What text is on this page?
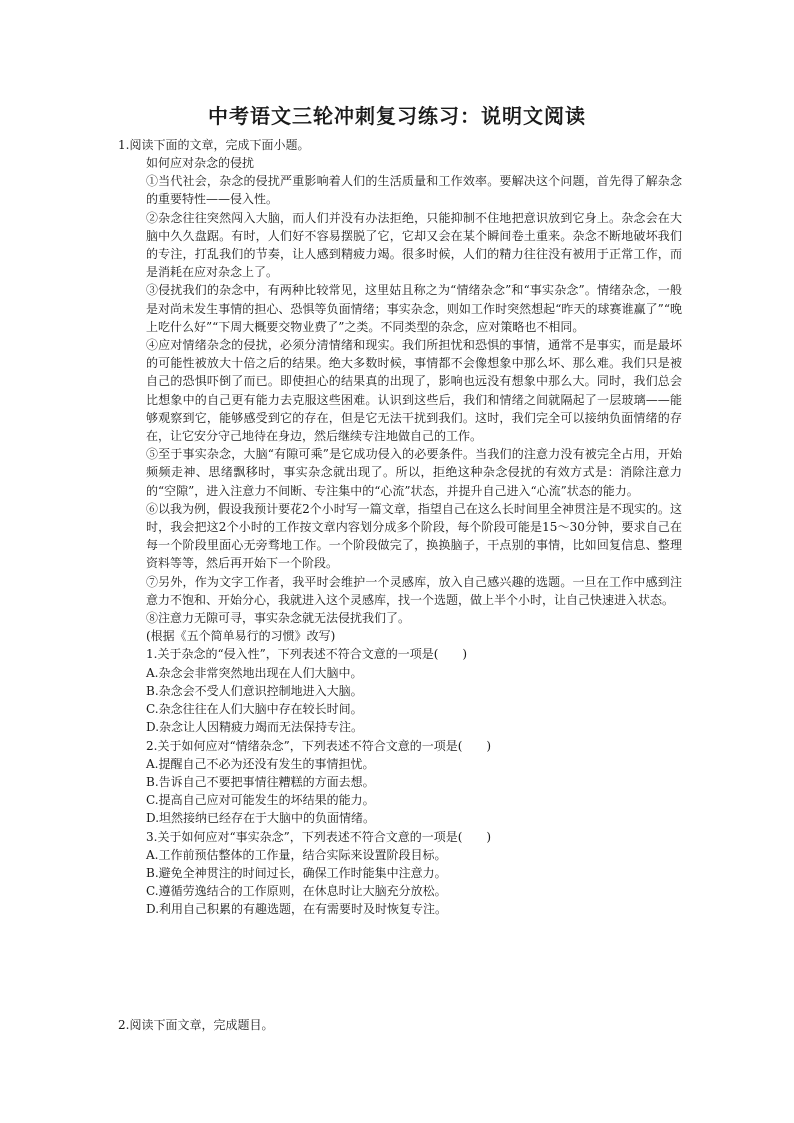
中考语文三轮冲刺复习练习：说明文阅读

1.阅读下面的文章，完成下面小题。

如何应对杂念的侵扰

①当代社会，杂念的侵扰严重影响着人们的生活质量和工作效率。要解决这个问题，首先得了解杂念的重要特性——侵入性。

②杂念往往突然闯入大脑，而人们并没有办法拒绝，只能抑制不住地把意识放到它身上。杂念会在大脑中久久盘踞。有时，人们好不容易摆脱了它，它却又会在某个瞬间卷土重来。杂念不断地破坏我们的专注，打乱我们的节奏，让人感到精疲力竭。很多时候，人们的精力往往没有被用于正常工作，而是消耗在应对杂念上了。

③侵扰我们的杂念中，有两种比较常见，这里姑且称之为“情绪杂念”和“事实杂念”。情绪杂念，一般是对尚未发生事情的担心、恐惧等负面情绪；事实杂念，则如工作时突然想起“昨天的球赛谁赢了”“晚上吃什么好”“下周大概要交物业费了”之类。不同类型的杂念，应对策略也不相同。

④应对情绪杂念的侵扰，必须分清情绪和现实。我们所担忧和恐惧的事情，通常不是事实，而是最坏的可能性被放大十倍之后的结果。绝大多数时候，事情都不会像想象中那么坏、那么难。我们只是被自己的恐惧吓倒了而已。即使担心的结果真的出现了，影响也远没有想象中那么大。同时，我们总会比想象中的自己更有能力去克服这些困难。认识到这些后，我们和情绪之间就隔起了一层玻璃——能够观察到它，能够感受到它的存在，但是它无法干扰到我们。这时，我们完全可以接纳负面情绪的存在，让它安分守己地待在身边，然后继续专注地做自己的工作。

⑤至于事实杂念，大脑“有隙可乘”是它成功侵入的必要条件。当我们的注意力没有被完全占用，开始频频走神、思绪飘移时，事实杂念就出现了。所以，拒绝这种杂念侵扰的有效方式是：消除注意力的“空隙”，进入注意力不间断、专注集中的“心流”状态，并提升自己进入“心流”状态的能力。

⑥以我为例，假设我预计要花2个小时写一篇文章，指望自己在这么长时间里全神贯注是不现实的。这时，我会把这2个小时的工作按文章内容划分成多个阶段，每个阶段可能是15～30分钟，要求自己在每一个阶段里面心无旁骛地工作。一个阶段做完了，换换脑子，干点别的事情，比如回复信息、整理资料等等，然后再开始下一个阶段。

⑦另外，作为文字工作者，我平时会维护一个灵感库，放入自己感兴趣的选题。一旦在工作中感到注意力不饱和、开始分心，我就进入这个灵感库，找一个选题，做上半个小时，让自己快速进入状态。

⑧注意力无隙可寻，事实杂念就无法侵扰我们了。

(根据《五个简单易行的习惯》改写)

1.关于杂念的“侵入性”，下列表述不符合文意的一项是(　　)

A.杂念会非常突然地出现在人们大脑中。

B.杂念会不受人们意识控制地进入大脑。

C.杂念往往在人们大脑中存在较长时间。

D.杂念让人因精疲力竭而无法保持专注。

2.关于如何应对“情绪杂念”，下列表述不符合文意的一项是(　　)

A.提醒自己不必为还没有发生的事情担忧。

B.告诉自己不要把事情往糟糕的方面去想。

C.提高自己应对可能发生的坏结果的能力。

D.坦然接纳已经存在于大脑中的负面情绪。

3.关于如何应对“事实杂念”，下列表述不符合文意的一项是(　　)

A.工作前预估整体的工作量，结合实际来设置阶段目标。

B.避免全神贯注的时间过长，确保工作时能集中注意力。

C.遵循劳逸结合的工作原则，在休息时让大脑充分放松。

D.利用自己积累的有趣选题，在有需要时及时恢复专注。

2.阅读下面文章，完成题目。
